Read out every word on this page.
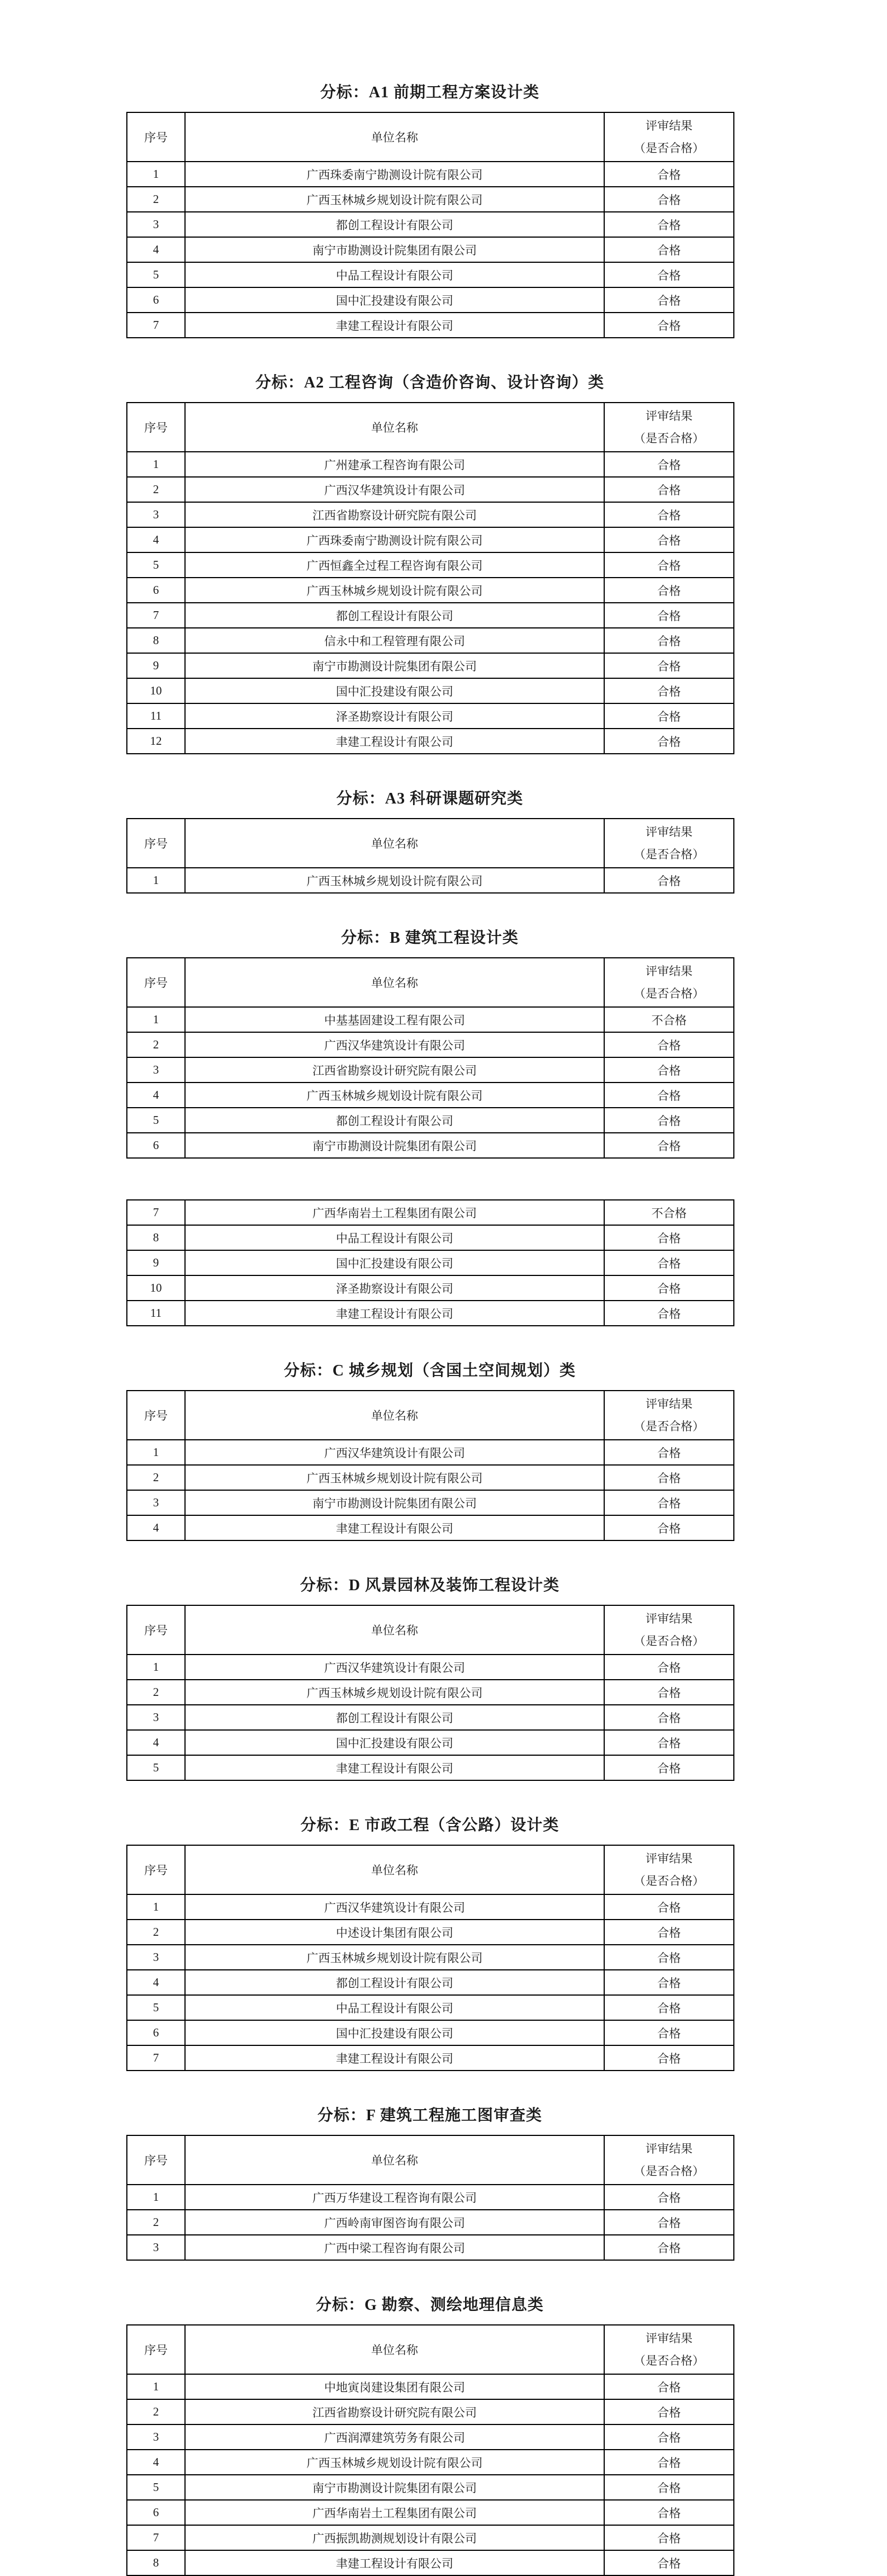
分标：A1 前期工程方案设计类
序号	单位名称	评审结果
（是否合格）

1	广西珠委南宁勘测设计院有限公司	合格
2	广西玉林城乡规划设计院有限公司	合格
3	都创工程设计有限公司	合格
4	南宁市勘测设计院集团有限公司	合格
5	中品工程设计有限公司	合格
6	国中汇投建设有限公司	合格
7	聿建工程设计有限公司	合格
分标：A2 工程咨询（含造价咨询、设计咨询）类
序号	单位名称	评审结果
（是否合格）

1	广州建承工程咨询有限公司	合格
2	广西汉华建筑设计有限公司	合格
3	江西省勘察设计研究院有限公司	合格
4	广西珠委南宁勘测设计院有限公司	合格
5	广西恒鑫全过程工程咨询有限公司	合格
6	广西玉林城乡规划设计院有限公司	合格
7	都创工程设计有限公司	合格
8	信永中和工程管理有限公司	合格
9	南宁市勘测设计院集团有限公司	合格
10	国中汇投建设有限公司	合格
11	泽圣勘察设计有限公司	合格
12	聿建工程设计有限公司	合格
分标：A3 科研课题研究类
序号	单位名称	评审结果
（是否合格）

1	广西玉林城乡规划设计院有限公司	合格
分标：B 建筑工程设计类
序号	单位名称	评审结果
（是否合格）

1	中基基固建设工程有限公司	不合格
2	广西汉华建筑设计有限公司	合格
3	江西省勘察设计研究院有限公司	合格
4	广西玉林城乡规划设计院有限公司	合格
5	都创工程设计有限公司	合格
6	南宁市勘测设计院集团有限公司	合格
7	广西华南岩土工程集团有限公司	不合格
8	中品工程设计有限公司	合格
9	国中汇投建设有限公司	合格
10	泽圣勘察设计有限公司	合格
11	聿建工程设计有限公司	合格
分标：C 城乡规划（含国土空间规划）类
序号	单位名称	评审结果
（是否合格）

1	广西汉华建筑设计有限公司	合格
2	广西玉林城乡规划设计院有限公司	合格
3	南宁市勘测设计院集团有限公司	合格
4	聿建工程设计有限公司	合格
分标：D 风景园林及装饰工程设计类
序号	单位名称	评审结果
（是否合格）

1	广西汉华建筑设计有限公司	合格
2	广西玉林城乡规划设计院有限公司	合格
3	都创工程设计有限公司	合格
4	国中汇投建设有限公司	合格
5	聿建工程设计有限公司	合格
分标：E 市政工程（含公路）设计类
序号	单位名称	评审结果
（是否合格）

1	广西汉华建筑设计有限公司	合格
2	中述设计集团有限公司	合格
3	广西玉林城乡规划设计院有限公司	合格
4	都创工程设计有限公司	合格
5	中品工程设计有限公司	合格
6	国中汇投建设有限公司	合格
7	聿建工程设计有限公司	合格
分标：F 建筑工程施工图审查类
序号	单位名称	评审结果
（是否合格）

1	广西万华建设工程咨询有限公司	合格
2	广西岭南审图咨询有限公司	合格
3	广西中梁工程咨询有限公司	合格
分标：G 勘察、测绘地理信息类
序号	单位名称	评审结果
（是否合格）

1	中地寅岗建设集团有限公司	合格
2	江西省勘察设计研究院有限公司	合格
3	广西润潭建筑劳务有限公司	合格
4	广西玉林城乡规划设计院有限公司	合格
5	南宁市勘测设计院集团有限公司	合格
6	广西华南岩土工程集团有限公司	合格
7	广西振凯勘测规划设计有限公司	合格
8	聿建工程设计有限公司	合格
